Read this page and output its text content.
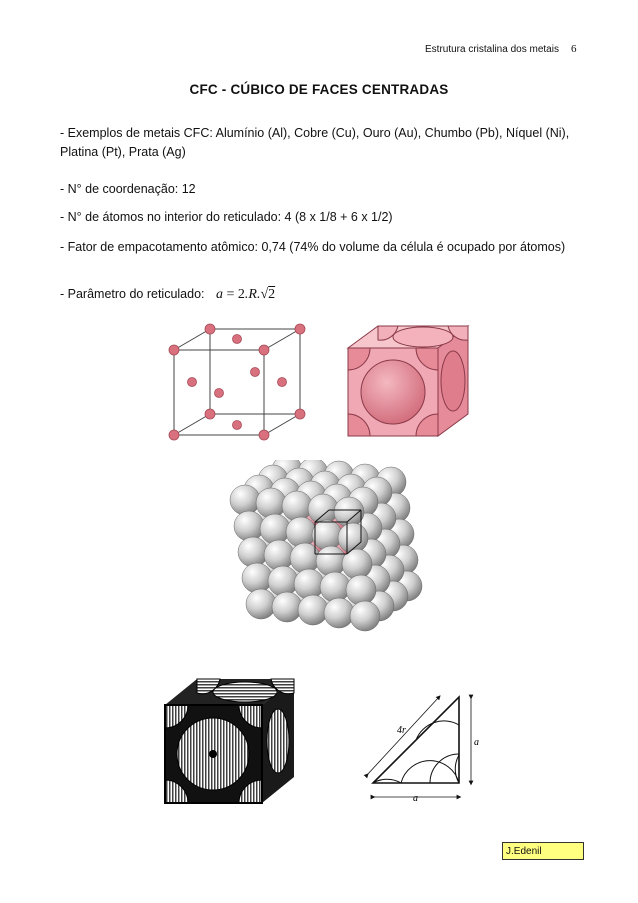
Estrutura cristalina dos metais 6
CFC - CÚBICO DE FACES CENTRADAS
- Exemplos de metais CFC: Alumínio (Al), Cobre (Cu), Ouro (Au), Chumbo (Pb), Níquel (Ni), Platina (Pt), Prata (Ag)
- N° de coordenação: 12
- N° de átomos no interior do reticulado: 4 (8 x 1/8 + 6 x 1/2)
- Fator de empacotamento atômico: 0,74 (74% do volume da célula é ocupado por átomos)
- Parâmetro do reticulado: a = 2.R.√2
4r
a
a
J.Edenil
